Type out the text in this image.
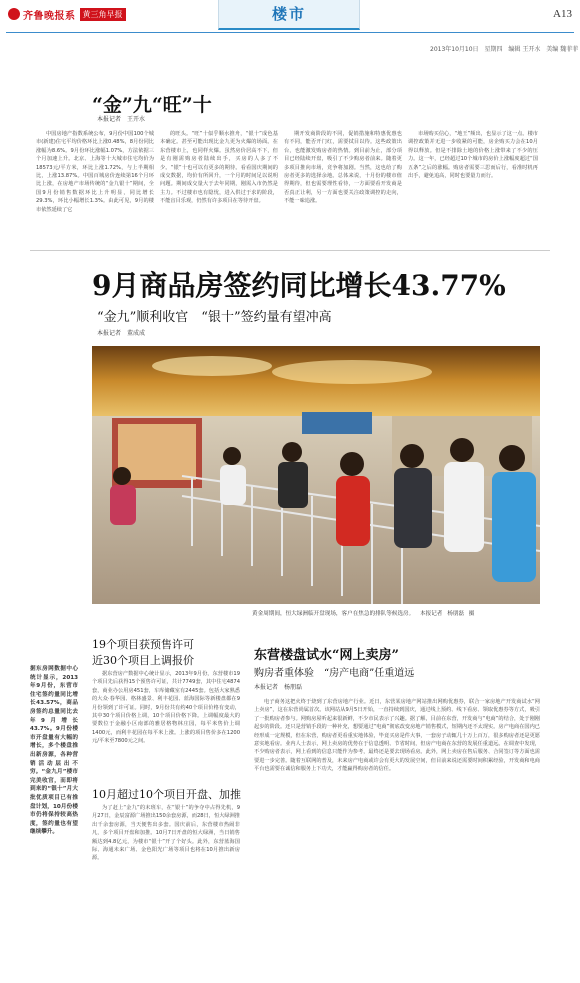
齐鲁晚报系 黄三角早报	楼市	A13
2013年10月10日 星期四 编辑 王开水 美编 魏菲菲
“金”九“旺”十
本报记者 王开水

中国房地产指数系统公布，9月份中国100个城市(新建)住宅平均价格环比上涨0.48%，8月份同比涨幅为8.6%。9月份环比涨幅1.07%，方法依据三个月加速上升。北京、上海等十大城市住宅均价为18573元/平方米，环比上涨1.72%，与上半期相比，上涨13.87%。中国百城房价连续第16个月环比上涨，在房地产市场传统的“金九银十”期间，全国9月份销售数据环比上升明显，同比增长29.3%，环比小幅增长1.3%。由此可见，9月的楼市依然延续了它

的旺头。“旺”十似乎顺水推舟，“银十”成色基本确定。甚至可能出现比金九更为火爆的场面。在东营楼市上，也同样火爆。虽然房价居高不下，但是有刚需购房者陆续出手，买房的人多了不少。“银”十也可以有更多的期待。看看国庆期间的成交数据，均价有所回升，一个月的时间足以说明问题。期间成交量大于去年同期，刚需入市仍然是主力。不过楼市也有隐忧，进入供过于求的阶段，不能盲目乐观，仍然有许多项目在等待开盘。

期开发商阶段的不同，促销措施和特惠优惠也有不同，能否开门红，需要拭目以待。这些政策出台，也能激发购房者的热情。到目前为止，部分项目已经陆续开盘，吸引了不少购房者前来。随着更多项目推向市场，竞争将加剧。当然，这也给了购房者更多的选择余地。总体来说，十月份的楼市值得期待，但也需要理性看待，一方面要看开发商是否真正让利，另一方面也要关注政策调控的走向，不能一味追涨。

市场购买信心，“地王”频出，也显示了这一点。楼市调控政策并无进一步收紧的可能，房企购买力会在10月得以释放。但是不排除土地的价格上涨带来了不少的压力。这一年，已经超过10个城市的房价上涨幅度超过“国五条”之后的涨幅。购房者需要三思而后行，看准时机再出手，避免追高，同时也要量力而行。

9月商品房签约同比增长43.77%
“金九”顺利收官　“银十”签约量有望冲高
本报记者 董成成
黄金周期间，恒大绿洲临开盘现场，客户在焦急的排队等候选房。 本报记者 杨朋磊 摄
据东房网数据中心统计显示，2013年9月份，东营市住宅签约量同比增长43.57%，商品房签约总量同比去年9月增长43.7%。9月份楼市开盘量有大幅的增长，多个楼盘推出新房源，各种营销活动层出不穷。“金九月”楼市完美收官，而即将到来的“银十”月大批优质项目已有推盘计划，10月份楼市仍将保持较高热度，签约量也有望继续攀升。
19个项目获预售许可
近30个项目上调报价

据东营房产数据中心统计显示，2013年9月份，东营楼市19个项目先后获得15个预售许可证，共计7749套，其中住宅4874套，商业办公用房451套，车库储藏室有2445套。包括大家熟悉的大众·春华园、格林盛景、利丰花园、蓝海国际等新楼盘都在9月份领到了许可证。同时，9月份共有约40个项目价格有变动，其中30个项目价格上调，10个项目价格下降。上调幅度最大的要数位于金融小区南部的雅居格物林庄园，每平米售价上调1400元，而利丰花园在每平米上涨。上涨的项目售价多在1200元/平米至7800元之间。

10月超过10个项目开盘、加推

为了赶上“金九”的末班车，在“银十”的争夺中占得先机，9月27日，金辰富源广场推出150余套房源，而28日，恒大绿洲推出千余套房源，当天便售出多套。国庆前后，东营楼市热闹非凡，多个项目开盘和加推。10月7日开盘的恒大绿洲，当日销售额达到4.8亿元，为楼市“银十”开了个好头。此外，东营蓝海国际、海通未来广场、金色阳光广场等项目也将在10月推出新房源。

东营楼盘试水“网上卖房”
购房者重体验　“房产电商”任重道远
本报记者 杨朋磊

电子商务这把火终于烧到了东营房地产行业。近日，东营某房地产网站推出网购优惠券，联合一家房地产开发商试水“网上卖房”，这在东营尚属首次。该网站从9月5日开始，一直持续到国庆，通过线上预约、线下看房、领取优惠券等方式，吸引了一批购房者参与。网购房屋听起来很新鲜，不少市民表示了兴趣。据了解，目前在东营，开发商与“电商”的结合，处于刚刚起步的阶段。还只是营销手段的一种补充，想要通过“电商”彻底改变房地产销售模式，短期内还不太现实。房产电商在国内已经形成一定规模，但在东营，购房者更看重实地体验，毕竟买房是件大事，一套房子动辄几十万上百万，很多购房者还是更愿意实地看房。业内人士表示，网上卖房的优势在于信息透明、节省时间，但房产电商在东营的发展任重道远。在调查中发现，不少购房者表示，网上看到的信息只能作为参考，最终还是要去现场看房。此外，网上卖房在售后服务、合同签订等方面也需要进一步完善。随着互联网的普及，未来房产电商或许会有更大的发展空间，但目前来说还需要时间积累经验，开发商和电商平台也需要在诚信和服务上下功夫，才能赢得购房者的信任。
